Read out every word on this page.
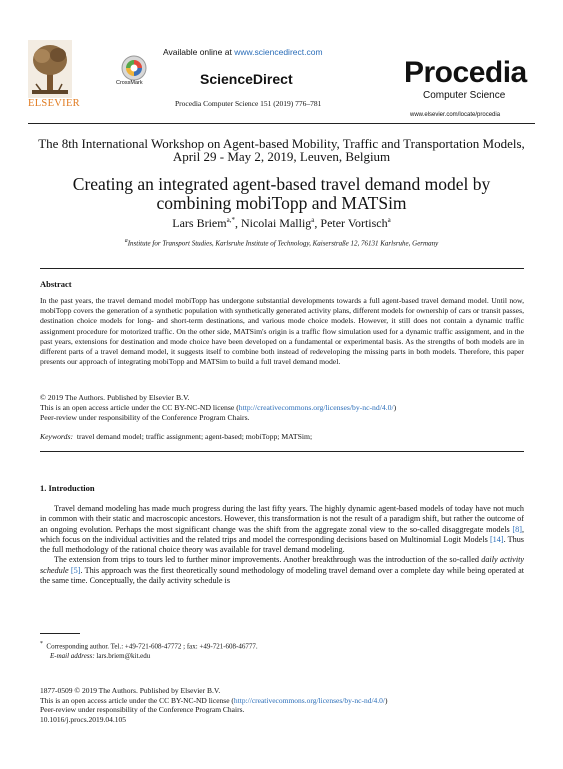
ELSEVIER
CrossMark
Available online at www.sciencedirect.com
ScienceDirect
Procedia Computer Science 151 (2019) 776–781
Procedia
Computer Science
www.elsevier.com/locate/procedia
The 8th International Workshop on Agent-based Mobility, Traffic and Transportation Models,
April 29 - May 2, 2019, Leuven, Belgium
Creating an integrated agent-based travel demand model by
combining mobiTopp and MATSim
Lars Briem$^{a,*}$, Nicolai Mallig$^a$, Peter Vortisch$^a$
$^a$Institute for Transport Studies, Karlsruhe Institute of Technology, Kaiserstraße 12, 76131 Karlsruhe, Germany
Abstract
In the past years, the travel demand model mobiTopp has undergone substantial developments towards a full agent-based travel demand model. Until now, mobiTopp covers the generation of a synthetic population with synthetically generated activity plans, different models for ownership of cars or transit passes, destination choice models for long- and short-term destinations, and various mode choice models. However, it still does not contain a dynamic traffic assignment procedure for motorized traffic. On the other side, MATSim's origin is a traffic flow simulation used for a dynamic traffic assignment, and in the past years, extensions for destination and mode choice have been developed on a fundamental or experimental basis. As the strengths of both models are in different parts of a travel demand model, it suggests itself to combine both instead of redeveloping the missing parts in both models. Therefore, this paper presents our approach of integrating mobiTopp and MATSim to build a full travel demand model.
© 2019 The Authors. Published by Elsevier B.V.
This is an open access article under the CC BY-NC-ND license (http://creativecommons.org/licenses/by-nc-nd/4.0/)
Peer-review under responsibility of the Conference Program Chairs.
Keywords: travel demand model; traffic assignment; agent-based; mobiTopp; MATSim;
1. Introduction

Travel demand modeling has made much progress during the last fifty years. The highly dynamic agent-based models of today have not much in common with their static and macroscopic ancestors. However, this transformation is not the result of a paradigm shift, but rather the outcome of an ongoing evolution. Perhaps the most significant change was the shift from the aggregate zonal view to the so-called disaggregate models [8], which focus on the individual activities and the related trips and model the corresponding decisions based on Multinomial Logit Models [14]. Thus the full methodology of the rational choice theory was available for travel demand modeling.

The extension from trips to tours led to further minor improvements. Another breakthrough was the introduction of the so-called daily activity schedule [5]. This approach was the first theoretically sound methodology of modeling travel demand over a complete day while being operated at the same time. Conceptually, the daily activity schedule is

* Corresponding author. Tel.: +49-721-608-47772 ; fax: +49-721-608-46777.
E-mail address: lars.briem@kit.edu
1877-0509 © 2019 The Authors. Published by Elsevier B.V.
This is an open access article under the CC BY-NC-ND license (http://creativecommons.org/licenses/by-nc-nd/4.0/)
Peer-review under responsibility of the Conference Program Chairs.
10.1016/j.procs.2019.04.105
